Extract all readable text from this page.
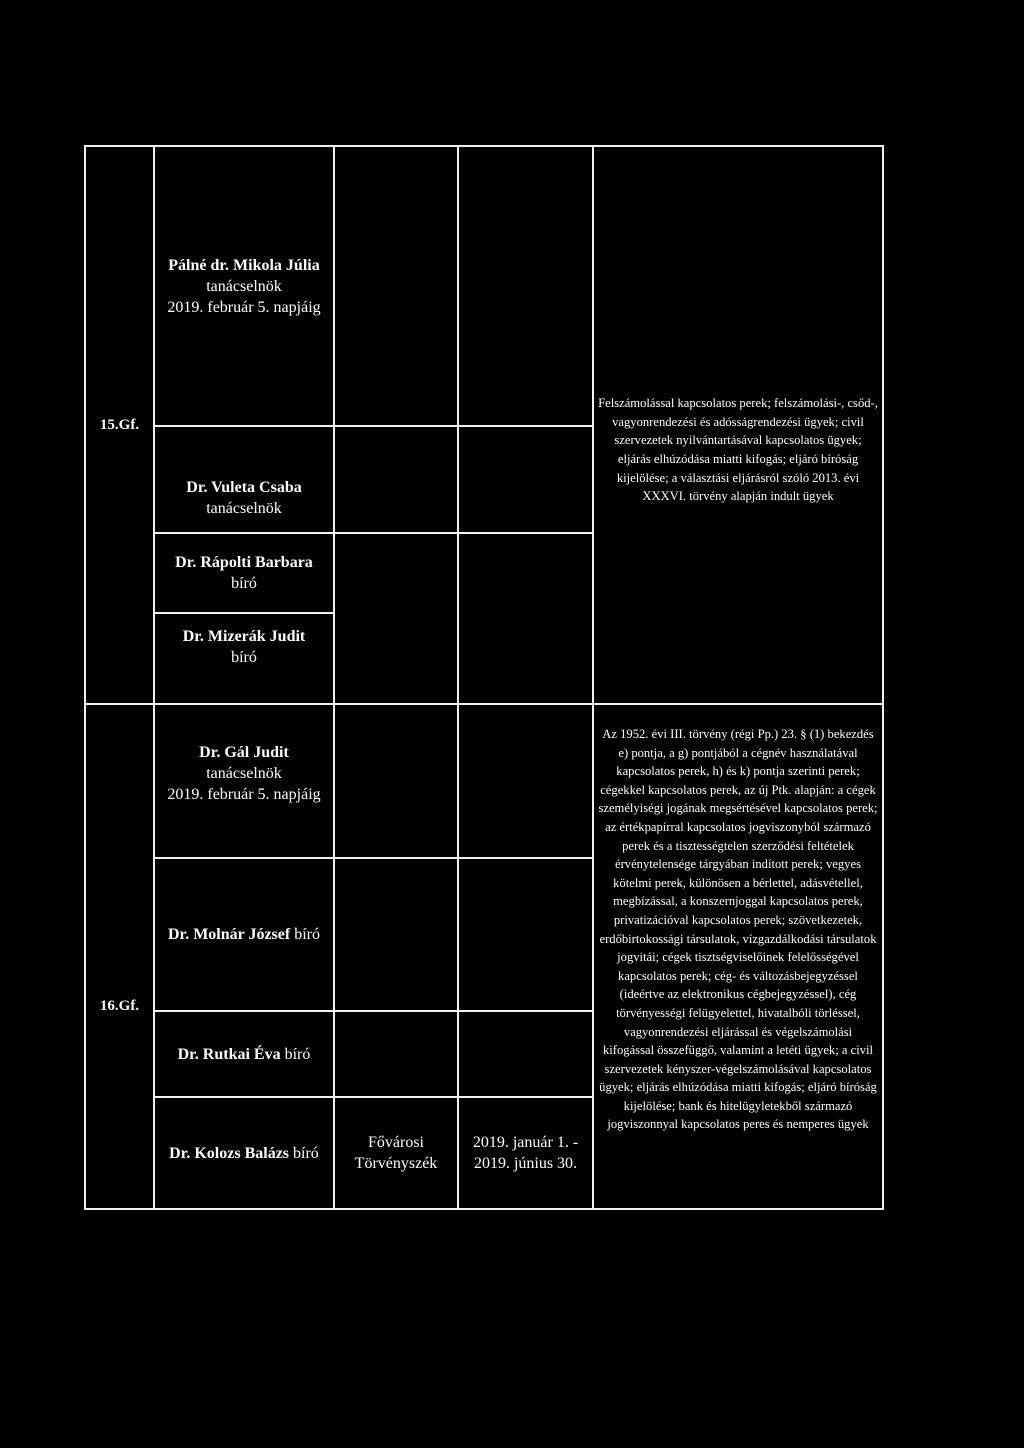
15.Gf.
Pálné dr. Mikola Júlia
tanácselnök
2019. február 5. napjáig
Dr. Vuleta Csaba
tanácselnök
Dr. Rápolti Barbara
bíró
Dr. Mizerák Judit
bíró
Felszámolással kapcsolatos perek; felszámolási-, csőd-, vagyonrendezési és adósságrendezési ügyek; civil szervezetek nyilvántartásával kapcsolatos ügyek; eljárás elhúzódása miatti kifogás; eljáró bíróság kijelölése; a választási eljárásról szóló 2013. évi XXXVI. törvény alapján indult ügyek
16.Gf.
Dr. Gál Judit
tanácselnök
2019. február 5. napjáig
Dr. Molnár József bíró
Dr. Rutkai Éva bíró
Dr. Kolozs Balázs bíró
Fővárosi Törvényszék
2019. január 1. -
2019. június 30.
Az 1952. évi III. törvény (régi Pp.) 23. § (1) bekezdés e) pontja, a g) pontjából a cégnév használatával kapcsolatos perek, h) és k) pontja szerinti perek; cégekkel kapcsolatos perek, az új Ptk. alapján: a cégek személyiségi jogának megsértésével kapcsolatos perek; az értékpapírral kapcsolatos jogviszonyból származó perek és a tisztességtelen szerződési feltételek érvénytelensége tárgyában indított perek; vegyes kötelmi perek, különösen a bérlettel, adásvétellel, megbízással, a konszernjoggal kapcsolatos perek, privatizációval kapcsolatos perek; szövetkezetek, erdőbirtokossági társulatok, vízgazdálkodási társulatok jogvitái; cégek tisztségviselőinek felelősségével kapcsolatos perek; cég- és változásbejegyzéssel (ideértve az elektronikus cégbejegyzéssel), cég törvényességi felügyelettel, hivatalbóli törléssel, vagyonrendezési eljárással és végelszámolási kifogással összefüggő, valamint a letéti ügyek; a civil szervezetek kényszer-végelszámolásával kapcsolatos ügyek; eljárás elhúzódása miatti kifogás; eljáró bíróság kijelölése; bank és hitelügyletekből származó jogviszonnyal kapcsolatos peres és nemperes ügyek
